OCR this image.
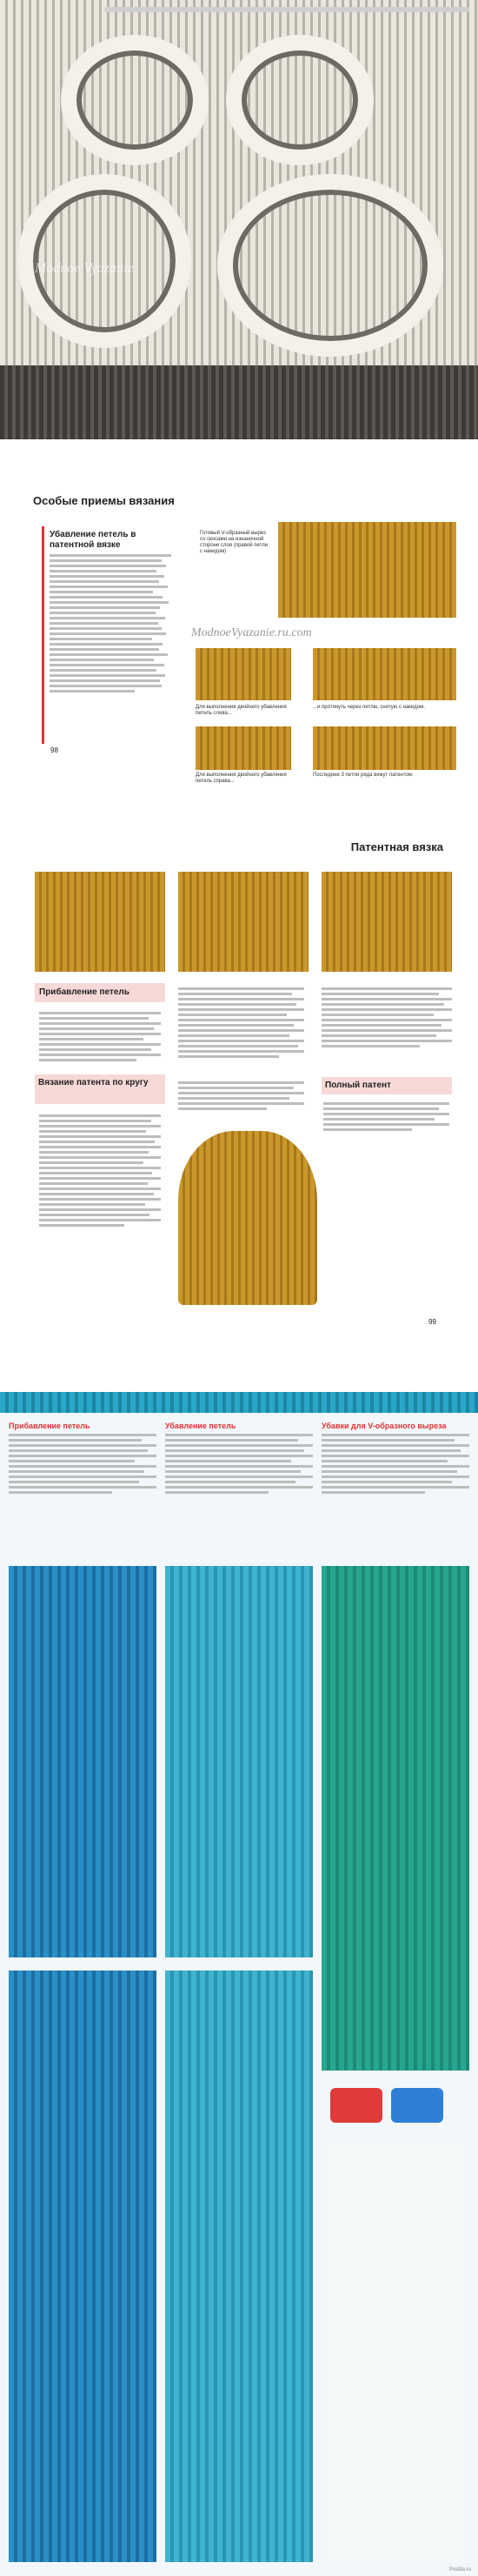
Modnoe Vyazanie
Особые приемы вязания
Убавление петель в патентной вязке
Готовый V-образный вырез со скосами на изнаночной стороне слоя (правой петли с накидом)
ModnoeVyazanie.ru.com
Для выполнения двойного убавления петель слева...
...и протянуть через петлю, снятую с накидом.
Для выполнения двойного убавления петель справа...
Последние 3 петли ряда вяжут патентом.
98
Патентная вязка
Прибавление петель
Вязание патента по кругу	Полный патент
99
Прибавление петель	Убавление петель	Убавки для V-образного выреза
Postila.ru
